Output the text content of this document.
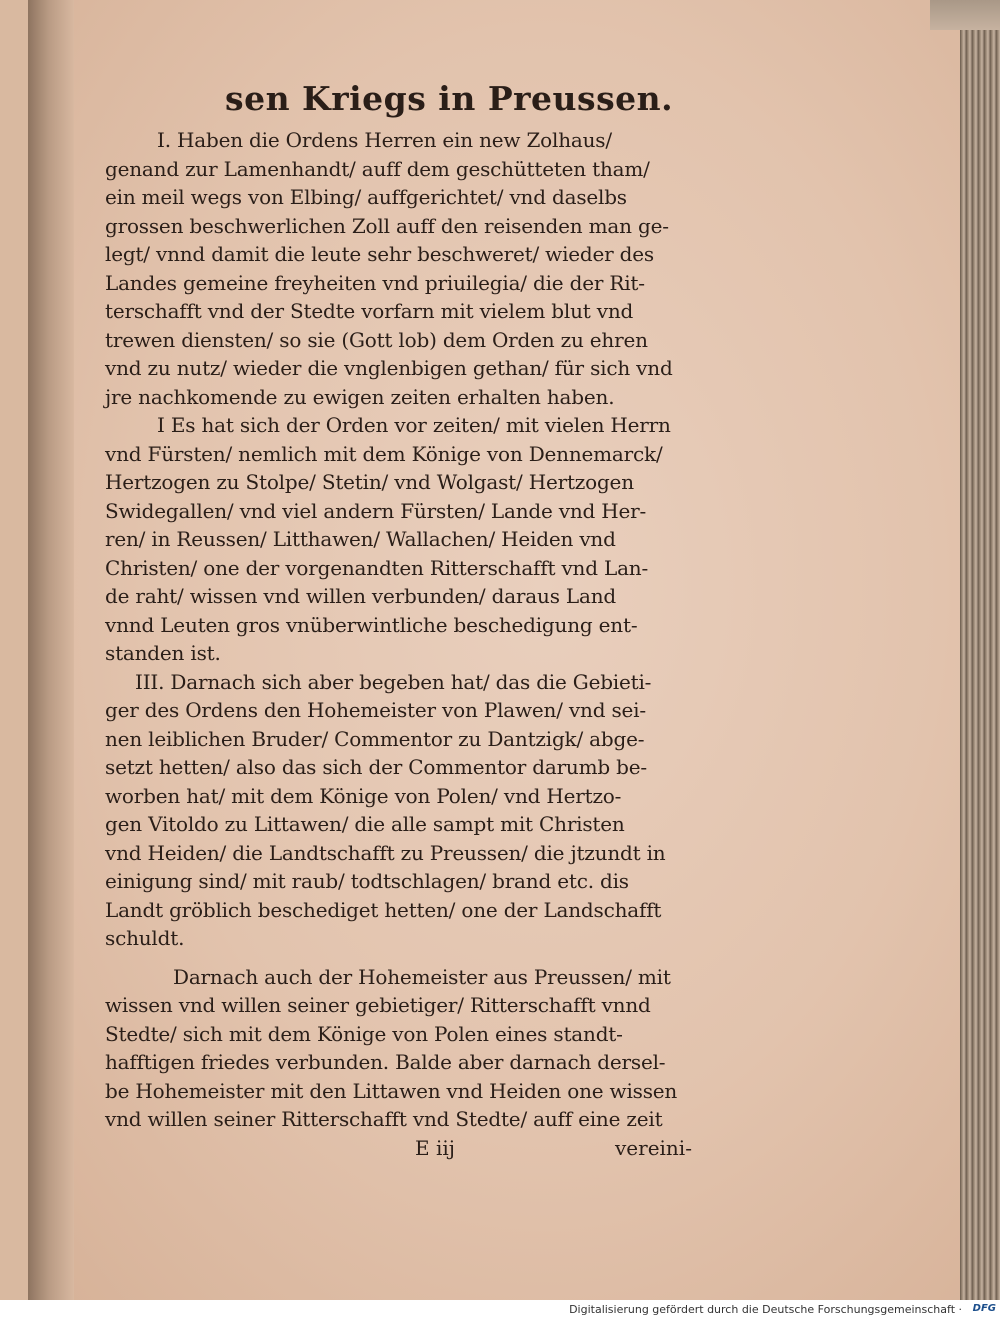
sen Kriegs in Preussen.
I. Haben die Ordens Herren ein new Zolhaus/
genand zur Lamenhandt/ auff dem geschütteten tham/
ein meil wegs von Elbing/ auffgerichtet/ vnd daselbs
grossen beschwerlichen Zoll auff den reisenden man ge-
legt/ vnnd damit die leute sehr beschweret/ wieder des
Landes gemeine freyheiten vnd priuilegia/ die der Rit-
terschafft vnd der Stedte vorfarn mit vielem blut vnd
trewen diensten/ so sie (Gott lob) dem Orden zu ehren
vnd zu nutz/ wieder die vnglenbigen gethan/ für sich vnd
jre nachkomende zu ewigen zeiten erhalten haben.
I Es hat sich der Orden vor zeiten/ mit vielen Herrn
vnd Fürsten/ nemlich mit dem Könige von Dennemarck/
Hertzogen zu Stolpe/ Stetin/ vnd Wolgast/ Hertzogen
Swidegallen/ vnd viel andern Fürsten/ Lande vnd Her-
ren/ in Reussen/ Litthawen/ Wallachen/ Heiden vnd
Christen/ one der vorgenandten Ritterschafft vnd Lan-
de raht/ wissen vnd willen verbunden/ daraus Land
vnnd Leuten gros vnüberwintliche beschedigung ent-
standen ist.
III. Darnach sich aber begeben hat/ das die Gebieti-
ger des Ordens den Hohemeister von Plawen/ vnd sei-
nen leiblichen Bruder/ Commentor zu Dantzigk/ abge-
setzt hetten/ also das sich der Commentor darumb be-
worben hat/ mit dem Könige von Polen/ vnd Hertzo-
gen Vitoldo zu Littawen/ die alle sampt mit Christen
vnd Heiden/ die Landtschafft zu Preussen/ die jtzundt in
einigung sind/ mit raub/ todtschlagen/ brand etc. dis
Landt gröblich beschediget hetten/ one der Landschafft
schuldt.
Darnach auch der Hohemeister aus Preussen/ mit
wissen vnd willen seiner gebietiger/ Ritterschafft vnnd
Stedte/ sich mit dem Könige von Polen eines standt-
hafftigen friedes verbunden. Balde aber darnach dersel-
be Hohemeister mit den Littawen vnd Heiden one wissen
vnd willen seiner Ritterschafft vnd Stedte/ auff eine zeit
E iij	vereini-
Digitalisierung gefördert durch die Deutsche Forschungsgemeinschaft · DFG
